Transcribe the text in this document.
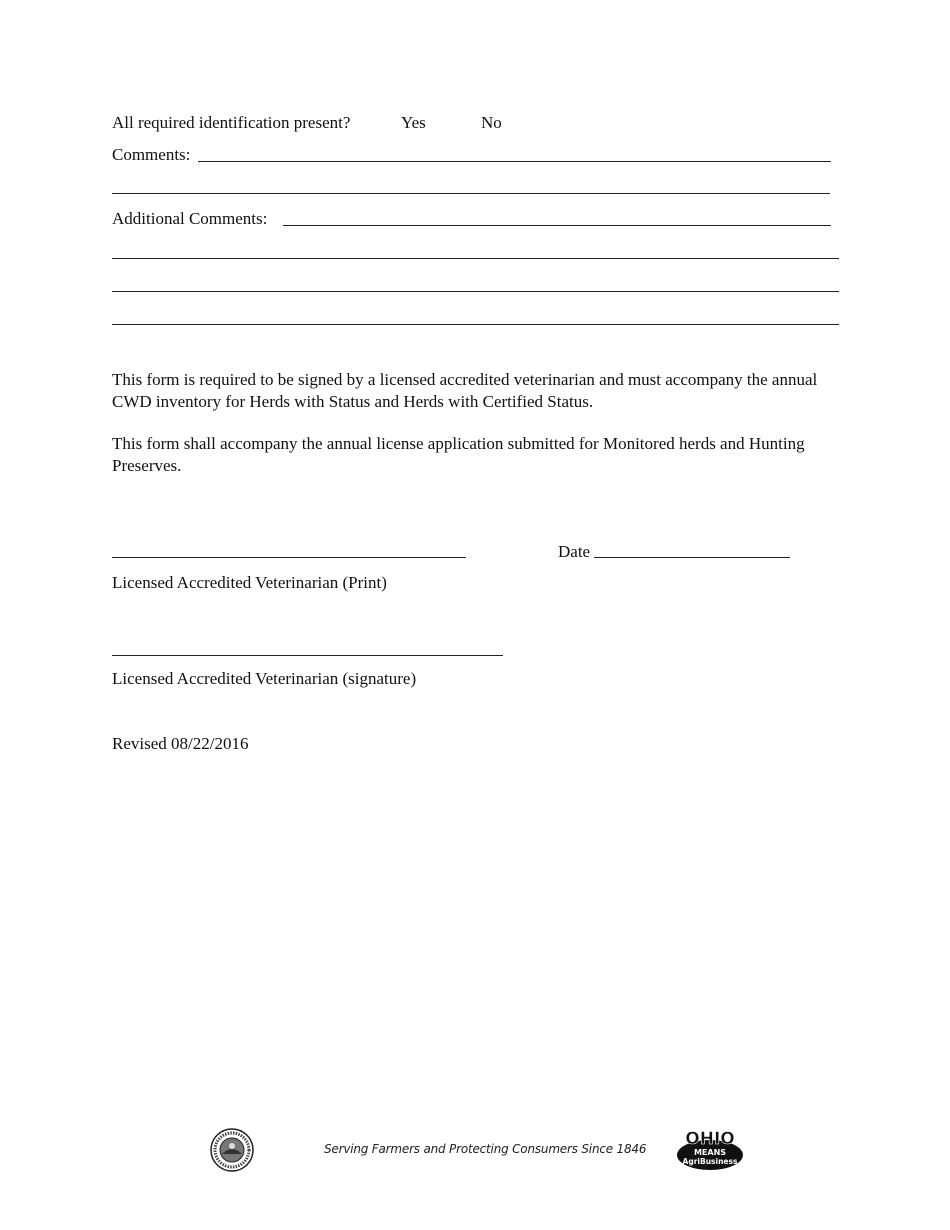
All required identification present?	Yes	No
Comments:
Additional Comments:
This form is required to be signed by a licensed accredited veterinarian and must accompany the annual CWD inventory for Herds with Status and Herds with Certified Status.
This form shall accompany the annual license application submitted for Monitored herds and Hunting Preserves.
Date
Licensed Accredited Veterinarian (Print)
Licensed Accredited Veterinarian (signature)
Revised 08/22/2016
Serving Farmers and Protecting Consumers Since 1846 OHIO
MEANS
AgriBusiness
